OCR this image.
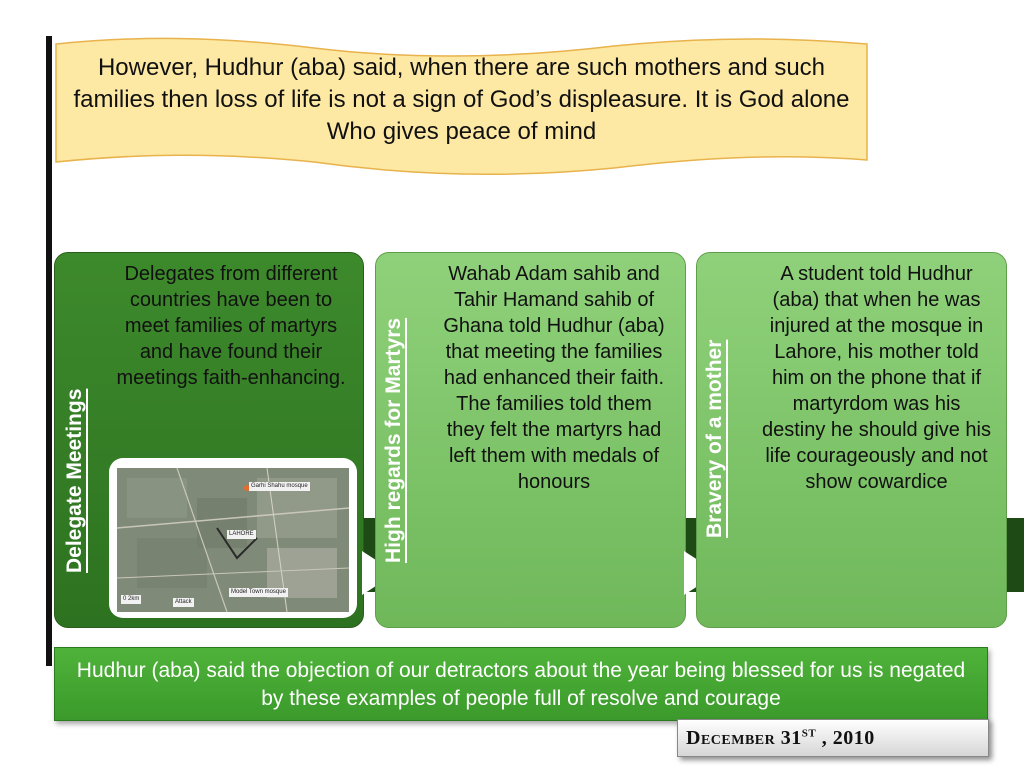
However, Hudhur (aba) said, when there are such mothers and such families then loss of life is not a sign of God’s displeasure. It is God alone Who gives peace of mind
Delegate Meetings
Delegates from different countries have been to meet families of martyrs and have found their meetings faith-enhancing.
Garhi Shahu mosque
LAHORE
Model Town mosque
0 2km	Attack
High regards for Martyrs
Wahab Adam sahib and Tahir Hamand sahib of Ghana told Hudhur (aba) that meeting the families had enhanced their faith. The families told them they felt the martyrs had left them with medals of honours	Bravery of a mother
A student told Hudhur (aba) that when he was injured at the mosque in Lahore, his mother told him on the phone that if martyrdom was his destiny he should give his life courageously and not show cowardice
Hudhur (aba) said the objection of our detractors about the year being blessed for us is negated by these examples of people full of resolve and courage
December 31ST , 2010
